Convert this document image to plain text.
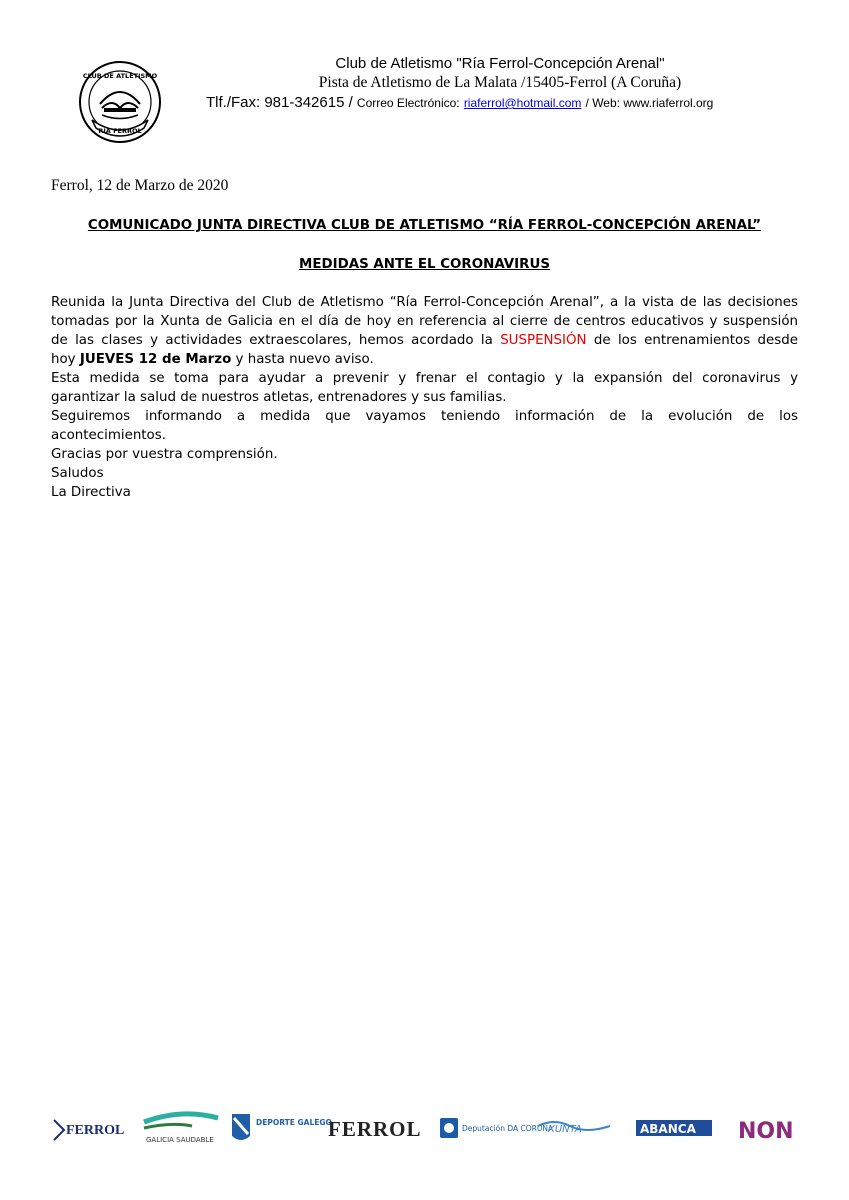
CLUB DE ATLETISMO
RIA FERROL
Club de Atletismo "Ría Ferrol-Concepción Arenal"
Pista de Atletismo de La Malata /15405-Ferrol (A Coruña)
Tlf./Fax: 981-342615 / Correo Electrónico: riaferrol@hotmail.com / Web: www.riaferrol.org
Ferrol, 12 de Marzo de 2020
COMUNICADO JUNTA DIRECTIVA CLUB DE ATLETISMO “RÍA FERROL-CONCEPCIÓN ARENAL”
MEDIDAS ANTE EL CORONAVIRUS
Reunida la Junta Directiva del Club de Atletismo “Ría Ferrol-Concepción Arenal”, a la vista de las decisiones
tomadas por la Xunta de Galicia en el día de hoy en referencia al cierre de centros educativos y suspensión
de las clases y actividades extraescolares, hemos acordado la SUSPENSIÓN de los entrenamientos desde
hoy JUEVES 12 de Marzo y hasta nuevo aviso.
Esta medida se toma para ayudar a prevenir y frenar el contagio y la expansión del coronavirus y
garantizar la salud de nuestros atletas, entrenadores y sus familias.
Seguiremos informando a medida que vayamos teniendo información de la evolución de los
acontecimientos.
Gracias por vuestra comprensión.
Saludos
La Directiva
FERROL
GALICIA SAUDABLE
DEPORTE GALEGO
FERROL	Deputación DA CORUÑA
XUNTA	ABANCA NON
